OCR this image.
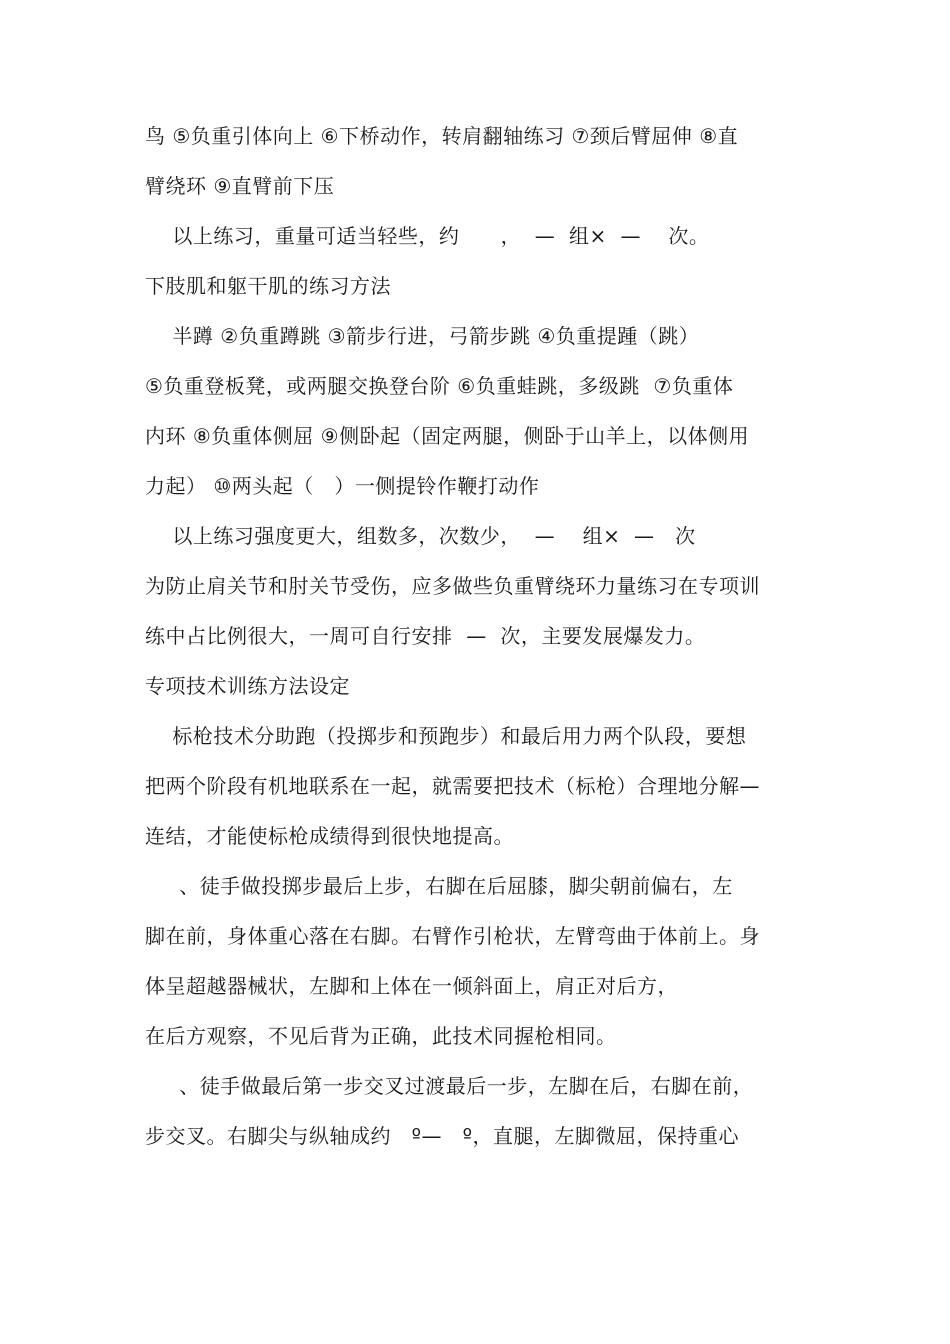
鸟 ⑤负重引体向上 ⑥下桥动作，转肩翻轴练习 ⑦颈后臂屈伸 ⑧直
臂绕环 ⑨直臂前下压
以上练习，重量可适当轻些，约      ，  —  组×  —    次。
下肢肌和躯干肌的练习方法
半蹲 ②负重蹲跳 ③箭步行进，弓箭步跳 ④负重提踵（跳）
⑤负重登板凳，或两腿交换登台阶 ⑥负重蛙跳，多级跳  ⑦负重体
内环 ⑧负重体侧屈 ⑨侧卧起（固定两腿，侧卧于山羊上，以体侧用
力起） ⑩两头起（   ）一侧提铃作鞭打动作
以上练习强度更大，组数多，次数少，  —    组×  —   次
为防止肩关节和肘关节受伤，应多做些负重臂绕环力量练习在专项训
练中占比例很大，一周可自行安排  —  次，主要发展爆发力。
专项技术训练方法设定
标枪技术分助跑（投掷步和预跑步）和最后用力两个队段，要想
把两个阶段有机地联系在一起，就需要把技术（标枪）合理地分解—
连结，才能使标枪成绩得到很快地提高。
、徒手做投掷步最后上步，右脚在后屈膝，脚尖朝前偏右，左
脚在前，身体重心落在右脚。右臂作引枪状，左臂弯曲于体前上。身
体呈超越器械状，左脚和上体在一倾斜面上，肩正对后方，
在后方观察，不见后背为正确，此技术同握枪相同。
、徒手做最后第一步交叉过渡最后一步，左脚在后，右脚在前，
步交叉。右脚尖与纵轴成约   º—   º，直腿，左脚微屈，保持重心
